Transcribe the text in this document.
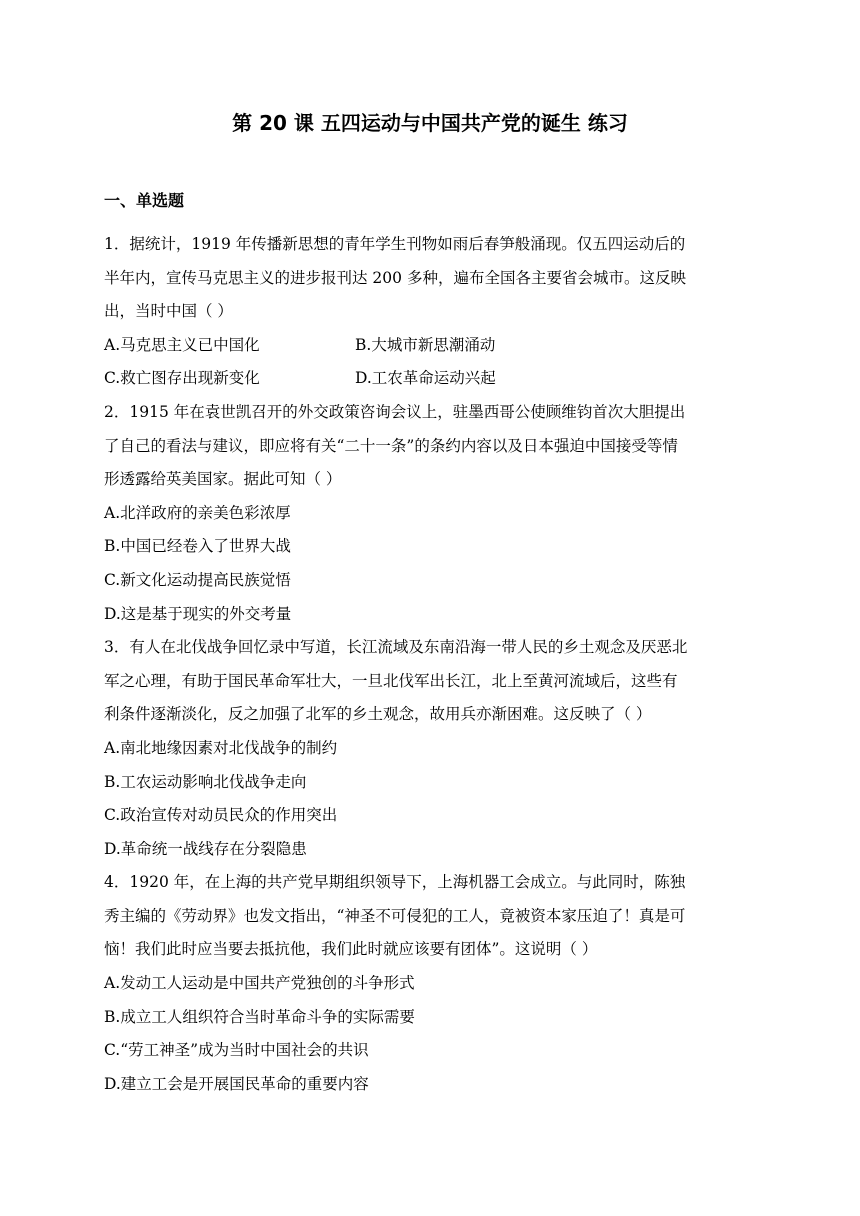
第 20 课 五四运动与中国共产党的诞生 练习
一、单选题
1．据统计，1919 年传播新思想的青年学生刊物如雨后春笋般涌现。仅五四运动后的
半年内，宣传马克思主义的进步报刊达 200 多种，遍布全国各主要省会城市。这反映
出，当时中国（ ）
A.马克思主义已中国化	B.大城市新思潮涌动
C.救亡图存出现新变化	D.工农革命运动兴起
2．1915 年在袁世凯召开的外交政策咨询会议上，驻墨西哥公使顾维钧首次大胆提出
了自己的看法与建议，即应将有关“二十一条”的条约内容以及日本强迫中国接受等情
形透露给英美国家。据此可知（ ）
A.北洋政府的亲美色彩浓厚
B.中国已经卷入了世界大战
C.新文化运动提高民族觉悟
D.这是基于现实的外交考量
3．有人在北伐战争回忆录中写道，长江流域及东南沿海一带人民的乡土观念及厌恶北
军之心理，有助于国民革命军壮大，一旦北伐军出长江，北上至黄河流域后，这些有
利条件逐渐淡化，反之加强了北军的乡土观念，故用兵亦渐困难。这反映了（ ）
A.南北地缘因素对北伐战争的制约
B.工农运动影响北伐战争走向
C.政治宣传对动员民众的作用突出
D.革命统一战线存在分裂隐患
4．1920 年，在上海的共产党早期组织领导下，上海机器工会成立。与此同时，陈独
秀主编的《劳动界》也发文指出，“神圣不可侵犯的工人，竟被资本家压迫了！真是可
恼！我们此时应当要去抵抗他，我们此时就应该要有团体”。这说明（ ）
A.发动工人运动是中国共产党独创的斗争形式
B.成立工人组织符合当时革命斗争的实际需要
C.“劳工神圣”成为当时中国社会的共识
D.建立工会是开展国民革命的重要内容
